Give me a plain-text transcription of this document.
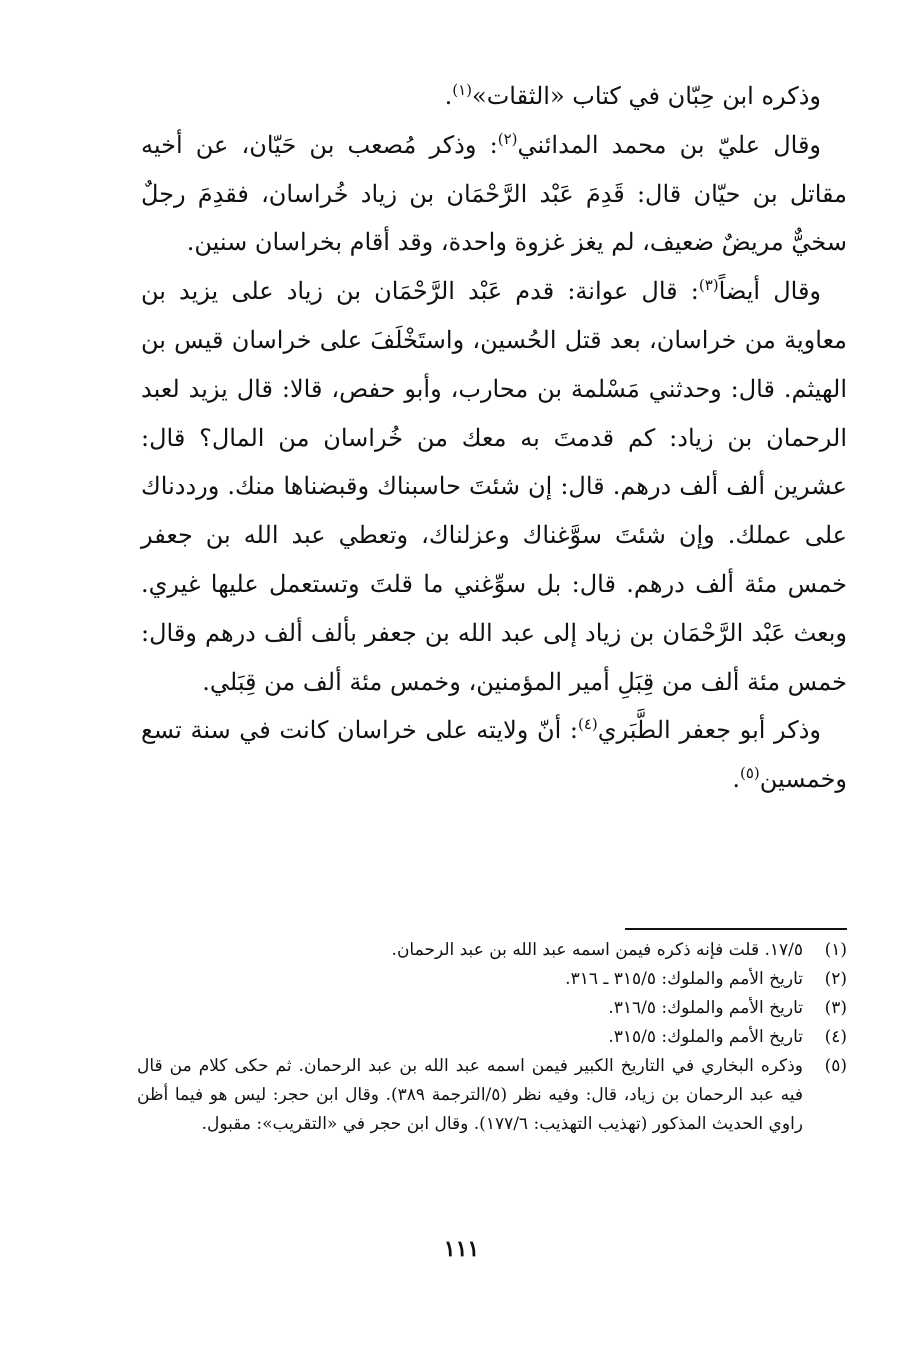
وذكره ابن حِبّان في كتاب «الثقات»$^{(١)}$.

وقال عليّ بن محمد المدائني$^{(٢)}$: وذكر مُصعب بن حَيّان، عن أخيه مقاتل بن حيّان قال: قَدِمَ عَبْد الرَّحْمَان بن زياد خُراسان، فقدِمَ رجلٌ سخيٌّ مريضٌ ضعيف، لم يغز غزوة واحدة، وقد أقام بخراسان سنين.

وقال أيضاً$^{(٣)}$: قال عوانة: قدم عَبْد الرَّحْمَان بن زياد على يزيد بن معاوية من خراسان، بعد قتل الحُسين، واستَخْلَفَ على خراسان قيس بن الهيثم. قال: وحدثني مَسْلمة بن محارب، وأبو حفص، قالا: قال يزيد لعبد الرحمان بن زياد: كم قدمتَ به معك من خُراسان من المال؟ قال: عشرين ألف ألف درهم. قال: إن شئتَ حاسبناك وقبضناها منك. ورددناك على عملك. وإن شئتَ سوَّغناك وعزلناك، وتعطي عبد الله بن جعفر خمس مئة ألف درهم. قال: بل سوِّغني ما قلتَ وتستعمل عليها غيري. وبعث عَبْد الرَّحْمَان بن زياد إلى عبد الله بن جعفر بألف ألف درهم وقال: خمس مئة ألف من قِبَلِ أمير المؤمنين، وخمس مئة ألف من قِبَلي.

وذكر أبو جعفر الطَّبَري$^{(٤)}$: أنّ ولايته على خراسان كانت في سنة تسع وخمسين$^{(٥)}$.

(١)
١٧/٥. قلت فإنه ذكره فيمن اسمه عبد الله بن عبد الرحمان.
(٢)
تاريخ الأمم والملوك: ٣١٥/٥ ـ ٣١٦.
(٣)
تاريخ الأمم والملوك: ٣١٦/٥.
(٤)
تاريخ الأمم والملوك: ٣١٥/٥.
(٥)
وذكره البخاري في التاريخ الكبير فيمن اسمه عبد الله بن عبد الرحمان. ثم حكى كلام من قال فيه عبد الرحمان بن زياد، قال: وفيه نظر (٥/الترجمة ٣٨٩). وقال ابن حجر: ليس هو فيما أظن راوي الحديث المذكور (تهذيب التهذيب: ١٧٧/٦). وقال ابن حجر في «التقريب»: مقبول.
١١١
